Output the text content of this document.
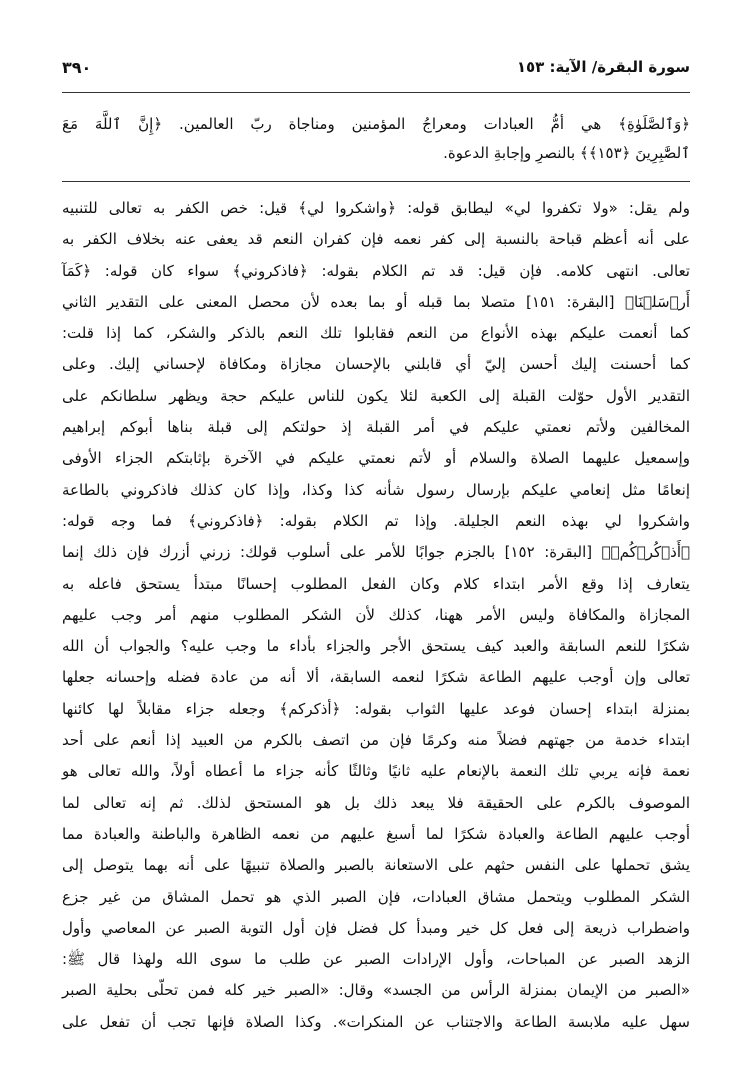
سورة البقرة/ الآية: ١٥٣
٣٩٠
﴿وَٱلصَّلَوٰةِ﴾ هي أمُّ العبادات ومعراجُ المؤمنين ومناجاة ربّ العالمين. ﴿إِنَّ ٱللَّهَ مَعَ
ٱلصَّٰبِرِينَ ﴿١٥٣﴾﴾ بالنصرِ وإجابةِ الدعوة.
ولم يقل: «ولا تكفروا لي» ليطابق قوله: ﴿واشكروا لي﴾ قيل: خص الكفر به تعالى للتنبيه
على أنه أعظم قباحة بالنسبة إلى كفر نعمه فإن كفران النعم قد يعفى عنه بخلاف الكفر به
تعالى. انتهى كلامه. فإن قيل: قد تم الكلام بقوله: ﴿فاذكروني﴾ سواء كان قوله: ﴿كَمَآ
أَرۡسَلۡنَا﴾ [البقرة: ١٥١] متصلا بما قبله أو بما بعده لأن محصل المعنى على التقدير الثاني
كما أنعمت عليكم بهذه الأنواع من النعم فقابلوا تلك النعم بالذكر والشكر، كما إذا قلت:
كما أحسنت إليك أحسن إليّ أي قابلني بالإحسان مجازاة ومكافاة لإحساني إليك. وعلى
التقدير الأول حوّلت القبلة إلى الكعبة لئلا يكون للناس عليكم حجة ويظهر سلطانكم على
المخالفين ولأتم نعمتي عليكم في أمر القبلة إذ حولتكم إلى قبلة بناها أبوكم إبراهيم
وإسمعيل عليهما الصلاة والسلام أو لأتم نعمتي عليكم في الآخرة بإثابتكم الجزاء الأوفى
إنعامًا مثل إنعامي عليكم بإرسال رسول شأنه كذا وكذا، وإذا كان كذلك فاذكروني بالطاعة
واشكروا لي بهذه النعم الجليلة. وإذا تم الكلام بقوله: ﴿فاذكروني﴾ فما وجه قوله:
﴿أَذۡكُرۡكُمۡ﴾ [البقرة: ١٥٢] بالجزم جوابًا للأمر على أسلوب قولك: زرني أزرك فإن ذلك إنما
يتعارف إذا وقع الأمر ابتداء كلام وكان الفعل المطلوب إحسانًا مبتدأ يستحق فاعله به
المجازاة والمكافاة وليس الأمر ههنا، كذلك لأن الشكر المطلوب منهم أمر وجب عليهم
شكرًا للنعم السابقة والعبد كيف يستحق الأجر والجزاء بأداء ما وجب عليه؟ والجواب أن الله
تعالى وإن أوجب عليهم الطاعة شكرًا لنعمه السابقة، ألا أنه من عادة فضله وإحسانه جعلها
بمنزلة ابتداء إحسان فوعد عليها الثواب بقوله: ﴿أذكركم﴾ وجعله جزاء مقابلاً لها كائنها
ابتداء خدمة من جهتهم فضلاً منه وكرمًا فإن من اتصف بالكرم من العبيد إذا أنعم على أحد
نعمة فإنه يربي تلك النعمة بالإنعام عليه ثانيًا وثالثًا كأنه جزاء ما أعطاه أولاً، والله تعالى هو
الموصوف بالكرم على الحقيقة فلا يبعد ذلك بل هو المستحق لذلك. ثم إنه تعالى لما
أوجب عليهم الطاعة والعبادة شكرًا لما أسبغ عليهم من نعمه الظاهرة والباطنة والعبادة مما
يشق تحملها على النفس حثهم على الاستعانة بالصبر والصلاة تنبيهًا على أنه بهما يتوصل إلى
الشكر المطلوب ويتحمل مشاق العبادات، فإن الصبر الذي هو تحمل المشاق من غير جزع
واضطراب ذريعة إلى فعل كل خير ومبدأ كل فضل فإن أول التوبة الصبر عن المعاصي وأول
الزهد الصبر عن المباحات، وأول الإرادات الصبر عن طلب ما سوى الله ولهذا قال ﷺ:
«الصبر من الإيمان بمنزلة الرأس من الجسد» وقال: «الصبر خير كله فمن تحلّى بحلية الصبر
سهل عليه ملابسة الطاعة والاجتناب عن المنكرات». وكذا الصلاة فإنها تجب أن تفعل على
